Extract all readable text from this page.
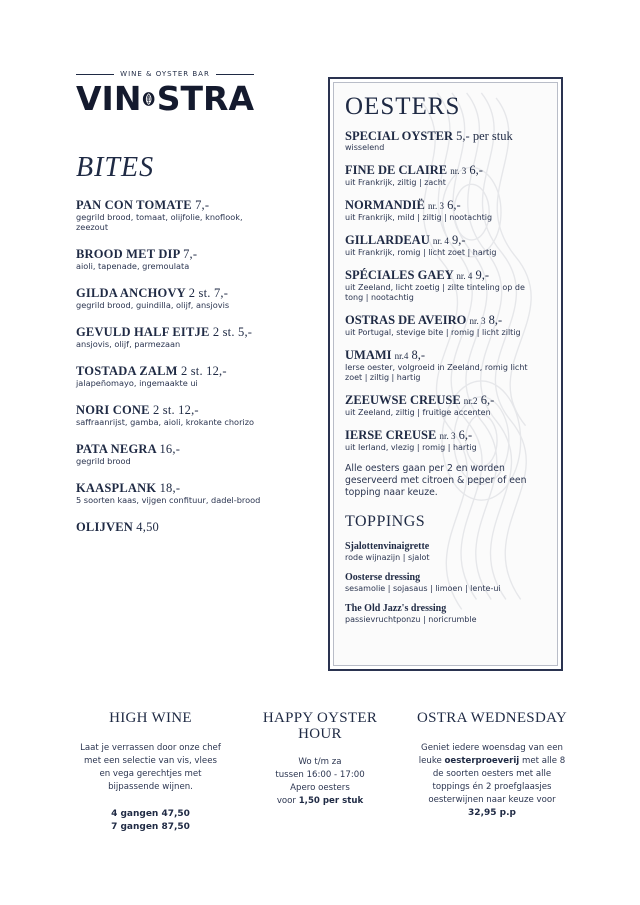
WINE & OYSTER BAR
VIN STRA
BITES
PAN CON TOMATE 7,-
gegrild brood, tomaat, olijfolie, knoflook, zeezout
BROOD MET DIP 7,-
aioli, tapenade, gremoulata
GILDA ANCHOVY 2 st. 7,-
gegrild brood, guindilla, olijf, ansjovis
GEVULD HALF EITJE 2 st. 5,-
ansjovis, olijf, parmezaan
TOSTADA ZALM 2 st. 12,-
jalapeñomayo, ingemaakte ui
NORI CONE 2 st. 12,-
saffraanrijst, gamba, aioli, krokante chorizo
PATA NEGRA 16,-
gegrild brood
KAASPLANK 18,-
5 soorten kaas, vijgen confituur, dadel-brood
OLIJVEN 4,50
OESTERS
SPECIAL OYSTER 5,- per stuk
wisselend
FINE DE CLAIRE nr. 3 6,-
uit Frankrijk, ziltig | zacht
NORMANDIË nr. 3 6,-
uit Frankrijk, mild | ziltig | nootachtig
GILLARDEAU nr. 4 9,-
uit Frankrijk, romig | licht zoet | hartig
SPÉCIALES GAEY nr. 4 9,-
uit Zeeland, licht zoetig | zilte tinteling op de tong | nootachtig
OSTRAS DE AVEIRO nr. 3 8,-
uit Portugal, stevige bite | romig | licht ziltig
UMAMI nr.4 8,-
Ierse oester, volgroeid in Zeeland, romig licht zoet | ziltig | hartig
ZEEUWSE CREUSE nr.2 6,-
uit Zeeland, ziltig | fruitige accenten
IERSE CREUSE nr. 3 6,-
uit Ierland, vlezig | romig | hartig
Alle oesters gaan per 2 en worden geserveerd met citroen & peper of een topping naar keuze.
TOPPINGS
Sjalottenvinaigrette
rode wijnazijn | sjalot
Oosterse dressing
sesamolie | sojasaus | limoen | lente-ui
The Old Jazz's dressing
passievruchtponzu | noricrumble
HIGH WINE
Laat je verrassen door onze chef met een selectie van vis, vlees en vega gerechtjes met bijpassende wijnen.
4 gangen 47,50
7 gangen 87,50
HAPPY OYSTER
HOUR
Wo t/m za
tussen 16:00 - 17:00
Apero oesters
voor 1,50 per stuk
OSTRA WEDNESDAY
Geniet iedere woensdag van een leuke oesterproeverij met alle 8 de soorten oesters met alle toppings én 2 proefglaasjes oesterwijnen naar keuze voor
32,95 p.p
